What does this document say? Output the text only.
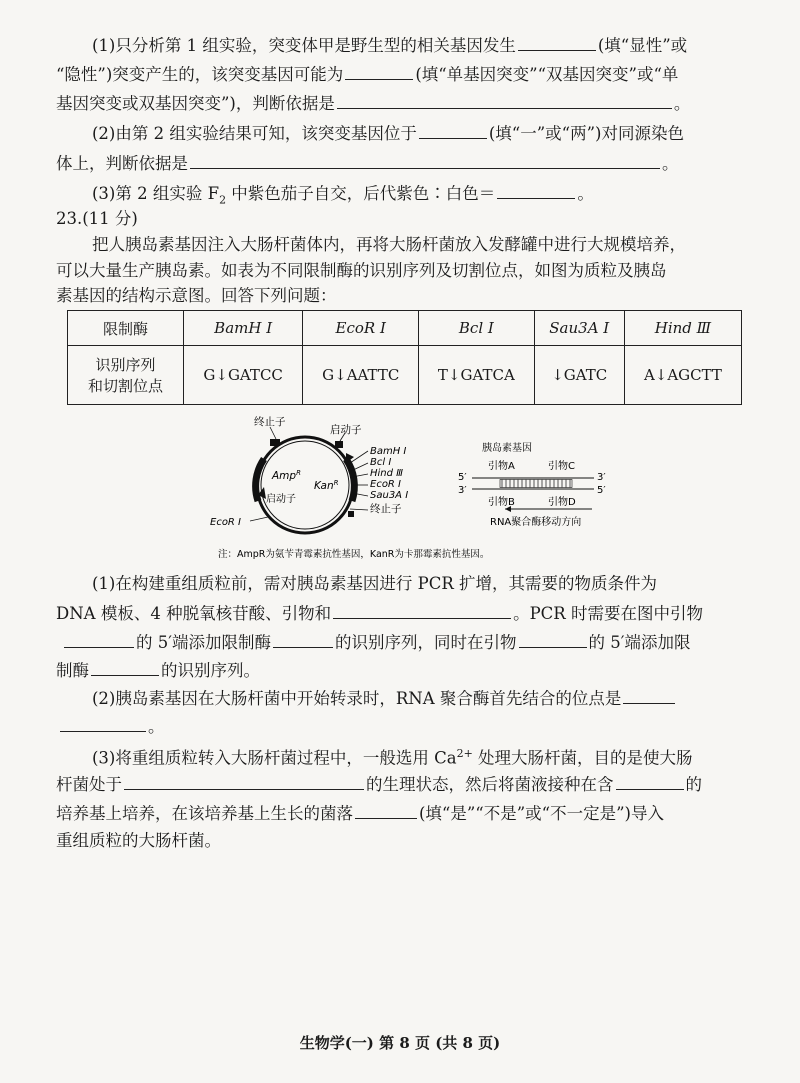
(1)只分析第 1 组实验，突变体甲是野生型的相关基因发生	(填“显性”或
“隐性”)突变产生的，该突变基因可能为	(填“单基因突变”“双基因突变”或“单
基因突变或双基因突变”)，判断依据是	。
(2)由第 2 组实验结果可知，该突变基因位于	(填“一”或“两”)对同源染色
体上，判断依据是	。
(3)第 2 组实验 $F_2$ 中紫色茄子自交，后代紫色∶白色＝	。
23.(11 分)
把人胰岛素基因注入大肠杆菌体内，再将大肠杆菌放入发酵罐中进行大规模培养，
可以大量生产胰岛素。如表为不同限制酶的识别序列及切割位点，如图为质粒及胰岛
素基因的结构示意图。回答下列问题：
限制酶	BamH Ⅰ	EcoR Ⅰ	Bcl Ⅰ	Sau3A Ⅰ	Hind Ⅲ

识别序列
和切割位点	G↓GATCC	G↓AATTC	T↓GATCA	↓GATC	A↓AGCTT
终止子
启动子
Amp$^R$
启动子
Kan$^R$
BamH Ⅰ
Bcl Ⅰ
Hind Ⅲ
EcoR Ⅰ
Sau3A Ⅰ
终止子
EcoR Ⅰ
胰岛素基因
引物A	引物C
5′	3′
3′	5′
引物B	引物D
RNA聚合酶移动方向
注：AmpR为氨苄青霉素抗性基因，KanR为卡那霉素抗性基因。
(1)在构建重组质粒前，需对胰岛素基因进行 PCR 扩增，其需要的物质条件为
DNA 模板、4 种脱氧核苷酸、引物和	。PCR 时需要在图中引物
的 5′端添加限制酶	的识别序列，同时在引物	的 5′端添加限
制酶	的识别序列。
(2)胰岛素基因在大肠杆菌中开始转录时，RNA 聚合酶首先结合的位点是
。
(3)将重组质粒转入大肠杆菌过程中，一般选用 $Ca^{2+}$ 处理大肠杆菌，目的是使大肠
杆菌处于	的生理状态，然后将菌液接种在含	的
培养基上培养，在该培养基上生长的菌落	(填“是”“不是”或“不一定是”)导入
重组质粒的大肠杆菌。
生物学(一) 第 8 页 (共 8 页)
